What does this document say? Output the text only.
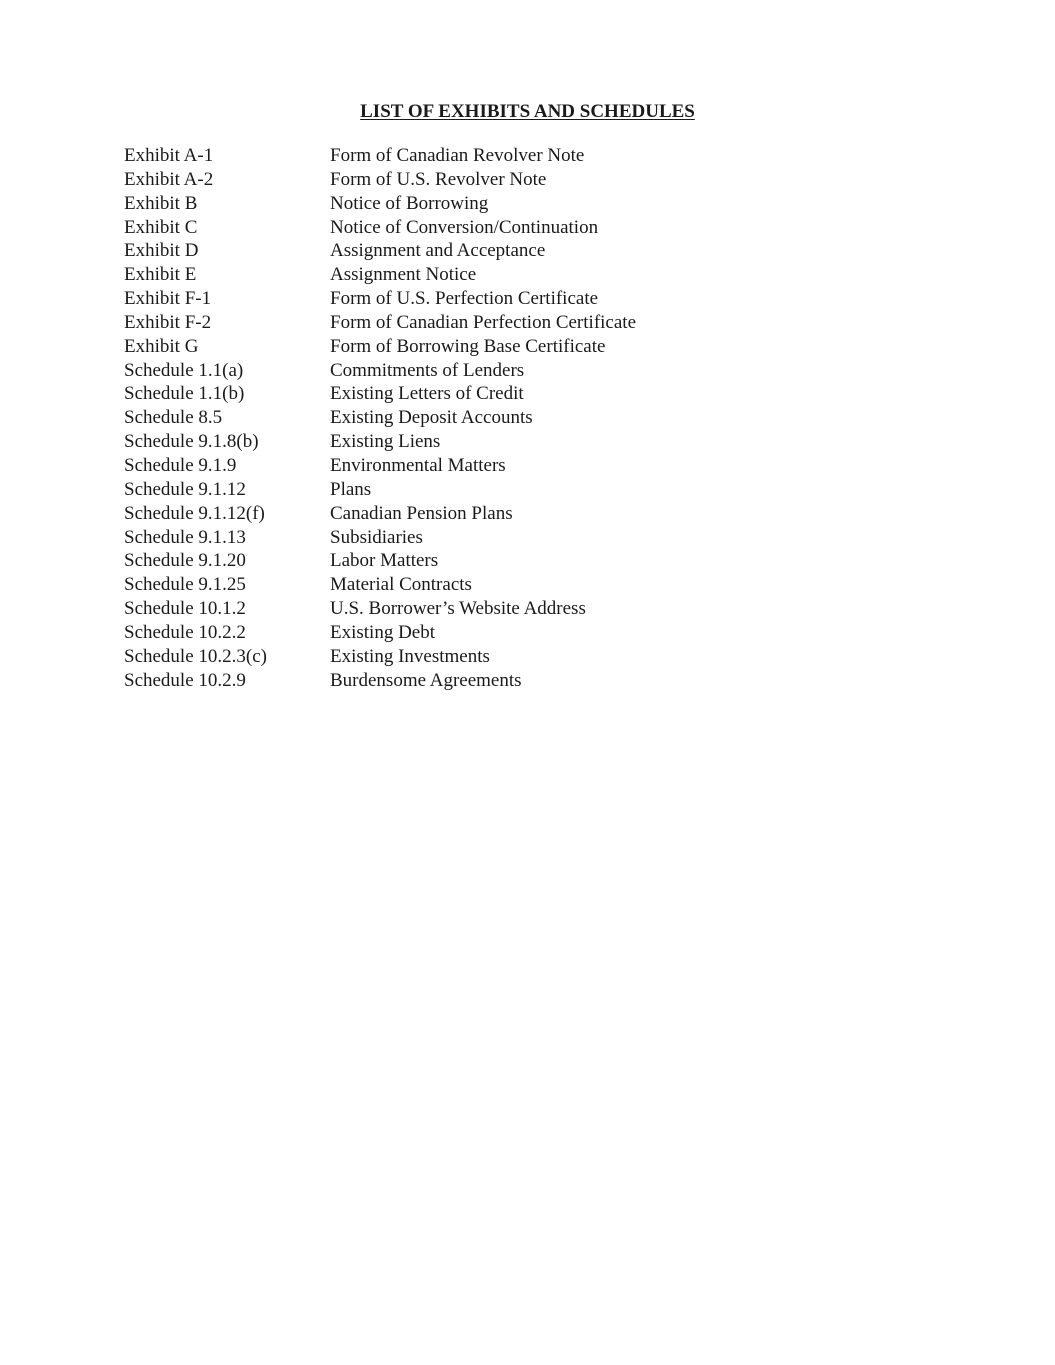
LIST OF EXHIBITS AND SCHEDULES
Exhibit A-1	Form of Canadian Revolver Note
Exhibit A-2	Form of U.S. Revolver Note
Exhibit B	Notice of Borrowing
Exhibit C	Notice of Conversion/Continuation
Exhibit D	Assignment and Acceptance
Exhibit E	Assignment Notice
Exhibit F-1	Form of U.S. Perfection Certificate
Exhibit F-2	Form of Canadian Perfection Certificate
Exhibit G	Form of Borrowing Base Certificate
Schedule 1.1(a)	Commitments of Lenders
Schedule 1.1(b)	Existing Letters of Credit
Schedule 8.5	Existing Deposit Accounts
Schedule 9.1.8(b)	Existing Liens
Schedule 9.1.9	Environmental Matters
Schedule 9.1.12	Plans
Schedule 9.1.12(f)	Canadian Pension Plans
Schedule 9.1.13	Subsidiaries
Schedule 9.1.20	Labor Matters
Schedule 9.1.25	Material Contracts
Schedule 10.1.2	U.S. Borrower’s Website Address
Schedule 10.2.2	Existing Debt
Schedule 10.2.3(c)	Existing Investments
Schedule 10.2.9	Burdensome Agreements
